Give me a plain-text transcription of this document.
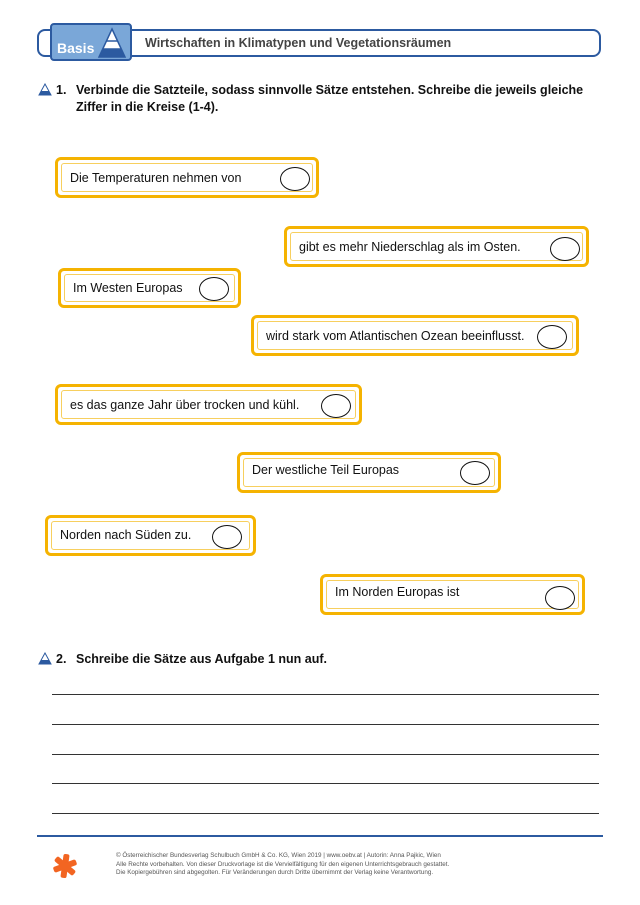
Basis	Wirtschaften in Klimatypen und Vegetationsräumen
1. Verbinde die Satzteile, sodass sinnvolle Sätze entstehen. Schreibe die jeweils gleiche
Ziffer in die Kreise (1-4).
Die Temperaturen nehmen von
gibt es mehr Niederschlag als im Osten.
Im Westen Europas
wird stark vom Atlantischen Ozean beeinflusst.
es das ganze Jahr über trocken und kühl.
Der westliche Teil Europas
Norden nach Süden zu.
Im Norden Europas ist
2. Schreibe die Sätze aus Aufgabe 1 nun auf.
© Österreichischer Bundesverlag Schulbuch GmbH & Co. KG, Wien 2019 | www.oebv.at | Autorin: Anna Pajkic, Wien
Alle Rechte vorbehalten. Von dieser Druckvorlage ist die Vervielfältigung für den eigenen Unterrichtsgebrauch gestattet.
Die Kopiergebühren sind abgegolten. Für Veränderungen durch Dritte übernimmt der Verlag keine Verantwortung.
